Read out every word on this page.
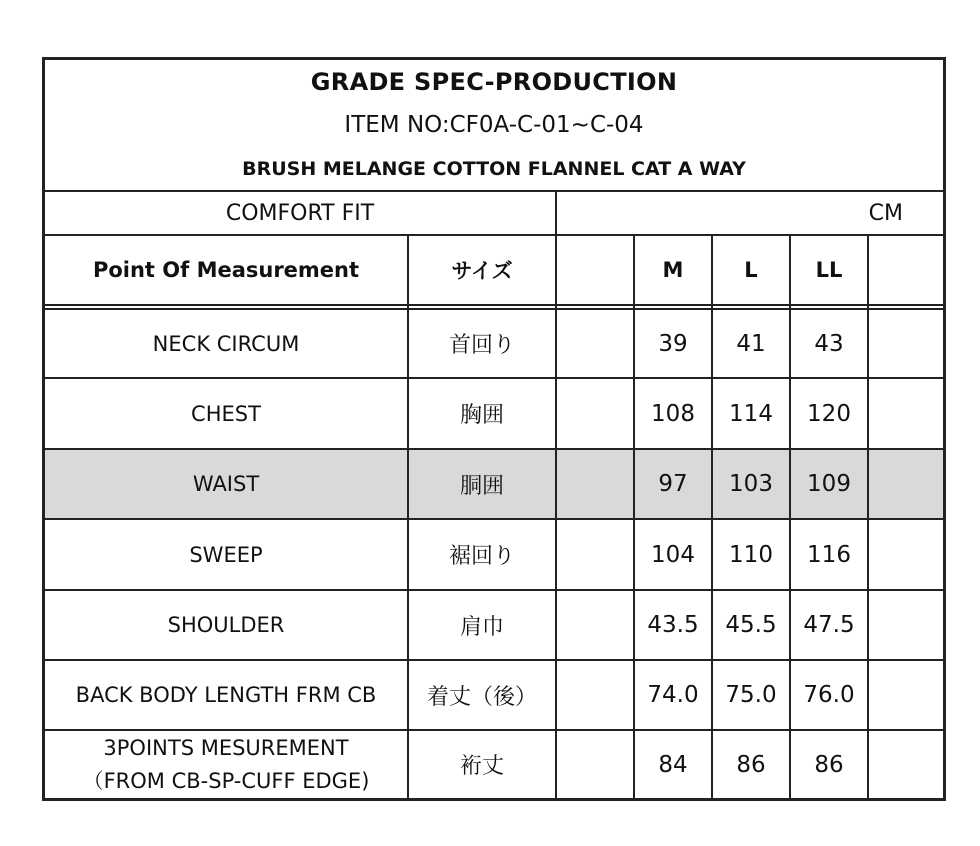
GRADE SPEC-PRODUCTION
ITEM NO:CF0A-C-01~C-04
BRUSH MELANGE COTTON FLANNEL CAT A WAY
COMFORT FIT	CM
Point Of Measurement	サイズ	M	L	LL
NECK CIRCUM	首回り	39	41	43
CHEST	胸囲	108	114	120
WAIST	胴囲	97	103	109
SWEEP	裾回り	104	110	116
SHOULDER	肩巾	43.5	45.5	47.5
BACK BODY LENGTH FRM CB	着丈（後）	74.0	75.0	76.0
3POINTS MESUREMENT
（FROM CB-SP-CUFF EDGE)
裄丈	84	86	86
